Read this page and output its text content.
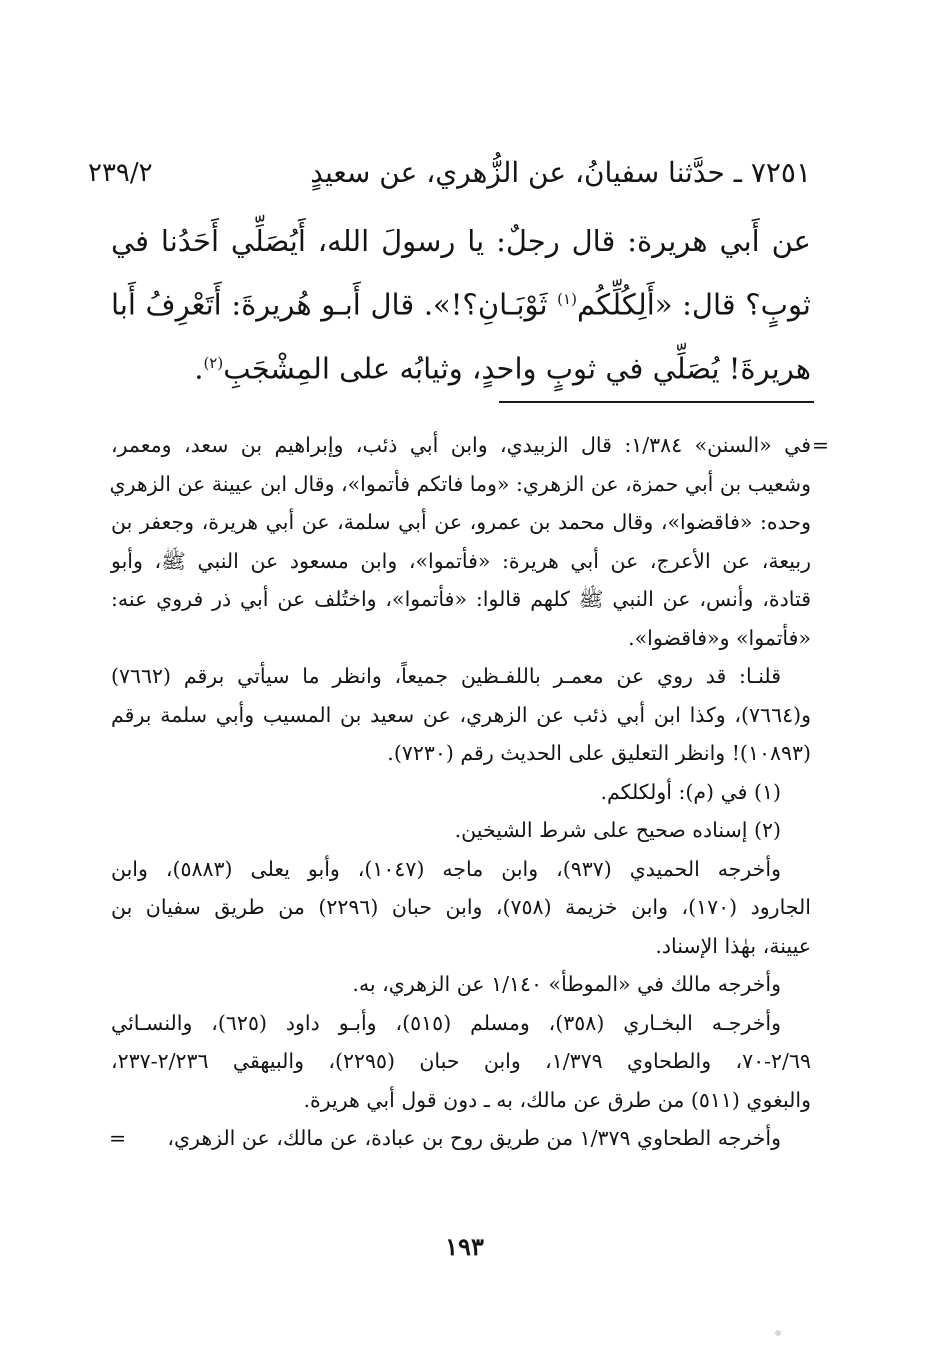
٧٢٥١ ـ حدَّثنا سفيانُ، عن الزُّهري، عن سعيدٍ
٢٣٩/٢
عن أَبي هريرة: قال رجلٌ: يا رسولَ الله، أَيُصَلِّي أَحَدُنا في
ثوبٍ؟ قال: «أَلِكُلِّكُم$^{(١)}$ ثَوْبَـانِ؟!». قال أَبـو هُريرةَ: أَتَعْرِفُ أَبا
هريرةَ! يُصَلِّي في ثوبٍ واحدٍ، وثيابُه على المِشْجَبِ$^{(٢)}$.
=
في «السنن» ١/٣٨٤: قال الزبيدي، وابن أبي ذئب، وإبراهيم بن سعد، ومعمر،
وشعيب بن أبي حمزة، عن الزهري: «وما فاتكم فأتموا»، وقال ابن عيينة عن الزهري
وحده: «فاقضوا»، وقال محمد بن عمرو، عن أبي سلمة، عن أبي هريرة، وجعفر بن
ربيعة، عن الأعرج، عن أبي هريرة: «فأتموا»، وابن مسعود عن النبي ﷺ، وأبو
قتادة، وأنس، عن النبي ﷺ كلهم قالوا: «فأتموا»، واختُلف عن أبي ذر فروي عنه:
«فأتموا» و«فاقضوا».
قلنـا: قد روي عن معمـر باللفـظين جميعاً، وانظر ما سيأتي برقم (٧٦٦٢)
و(٧٦٦٤)، وكذا ابن أبي ذئب عن الزهري، عن سعيد بن المسيب وأبي سلمة برقم
(١٠٨٩٣)! وانظر التعليق على الحديث رقم (٧٢٣٠).
(١) في (م): أولكلكم.
(٢) إسناده صحيح على شرط الشيخين.
وأخرجه الحميدي (٩٣٧)، وابن ماجه (١٠٤٧)، وأبو يعلى (٥٨٨٣)، وابن
الجارود (١٧٠)، وابن خزيمة (٧٥٨)، وابن حبان (٢٢٩٦) من طريق سفيان بن
عيينة، بهٰذا الإسناد.
وأخرجه مالك في «الموطأ» ١/١٤٠ عن الزهري، به.
وأخرجـه البخـاري (٣٥٨)، ومسلم (٥١٥)، وأبـو داود (٦٢٥)، والنسـائي
٢/٦٩-٧٠، والطحاوي ١/٣٧٩، وابن حبان (٢٢٩٥)، والبيهقي ٢/٢٣٦-٢٣٧،
والبغوي (٥١١) من طرق عن مالك، به ـ دون قول أبي هريرة.
وأخرجه الطحاوي ١/٣٧٩ من طريق روح بن عبادة، عن مالك، عن الزهري،
=
١٩٣
